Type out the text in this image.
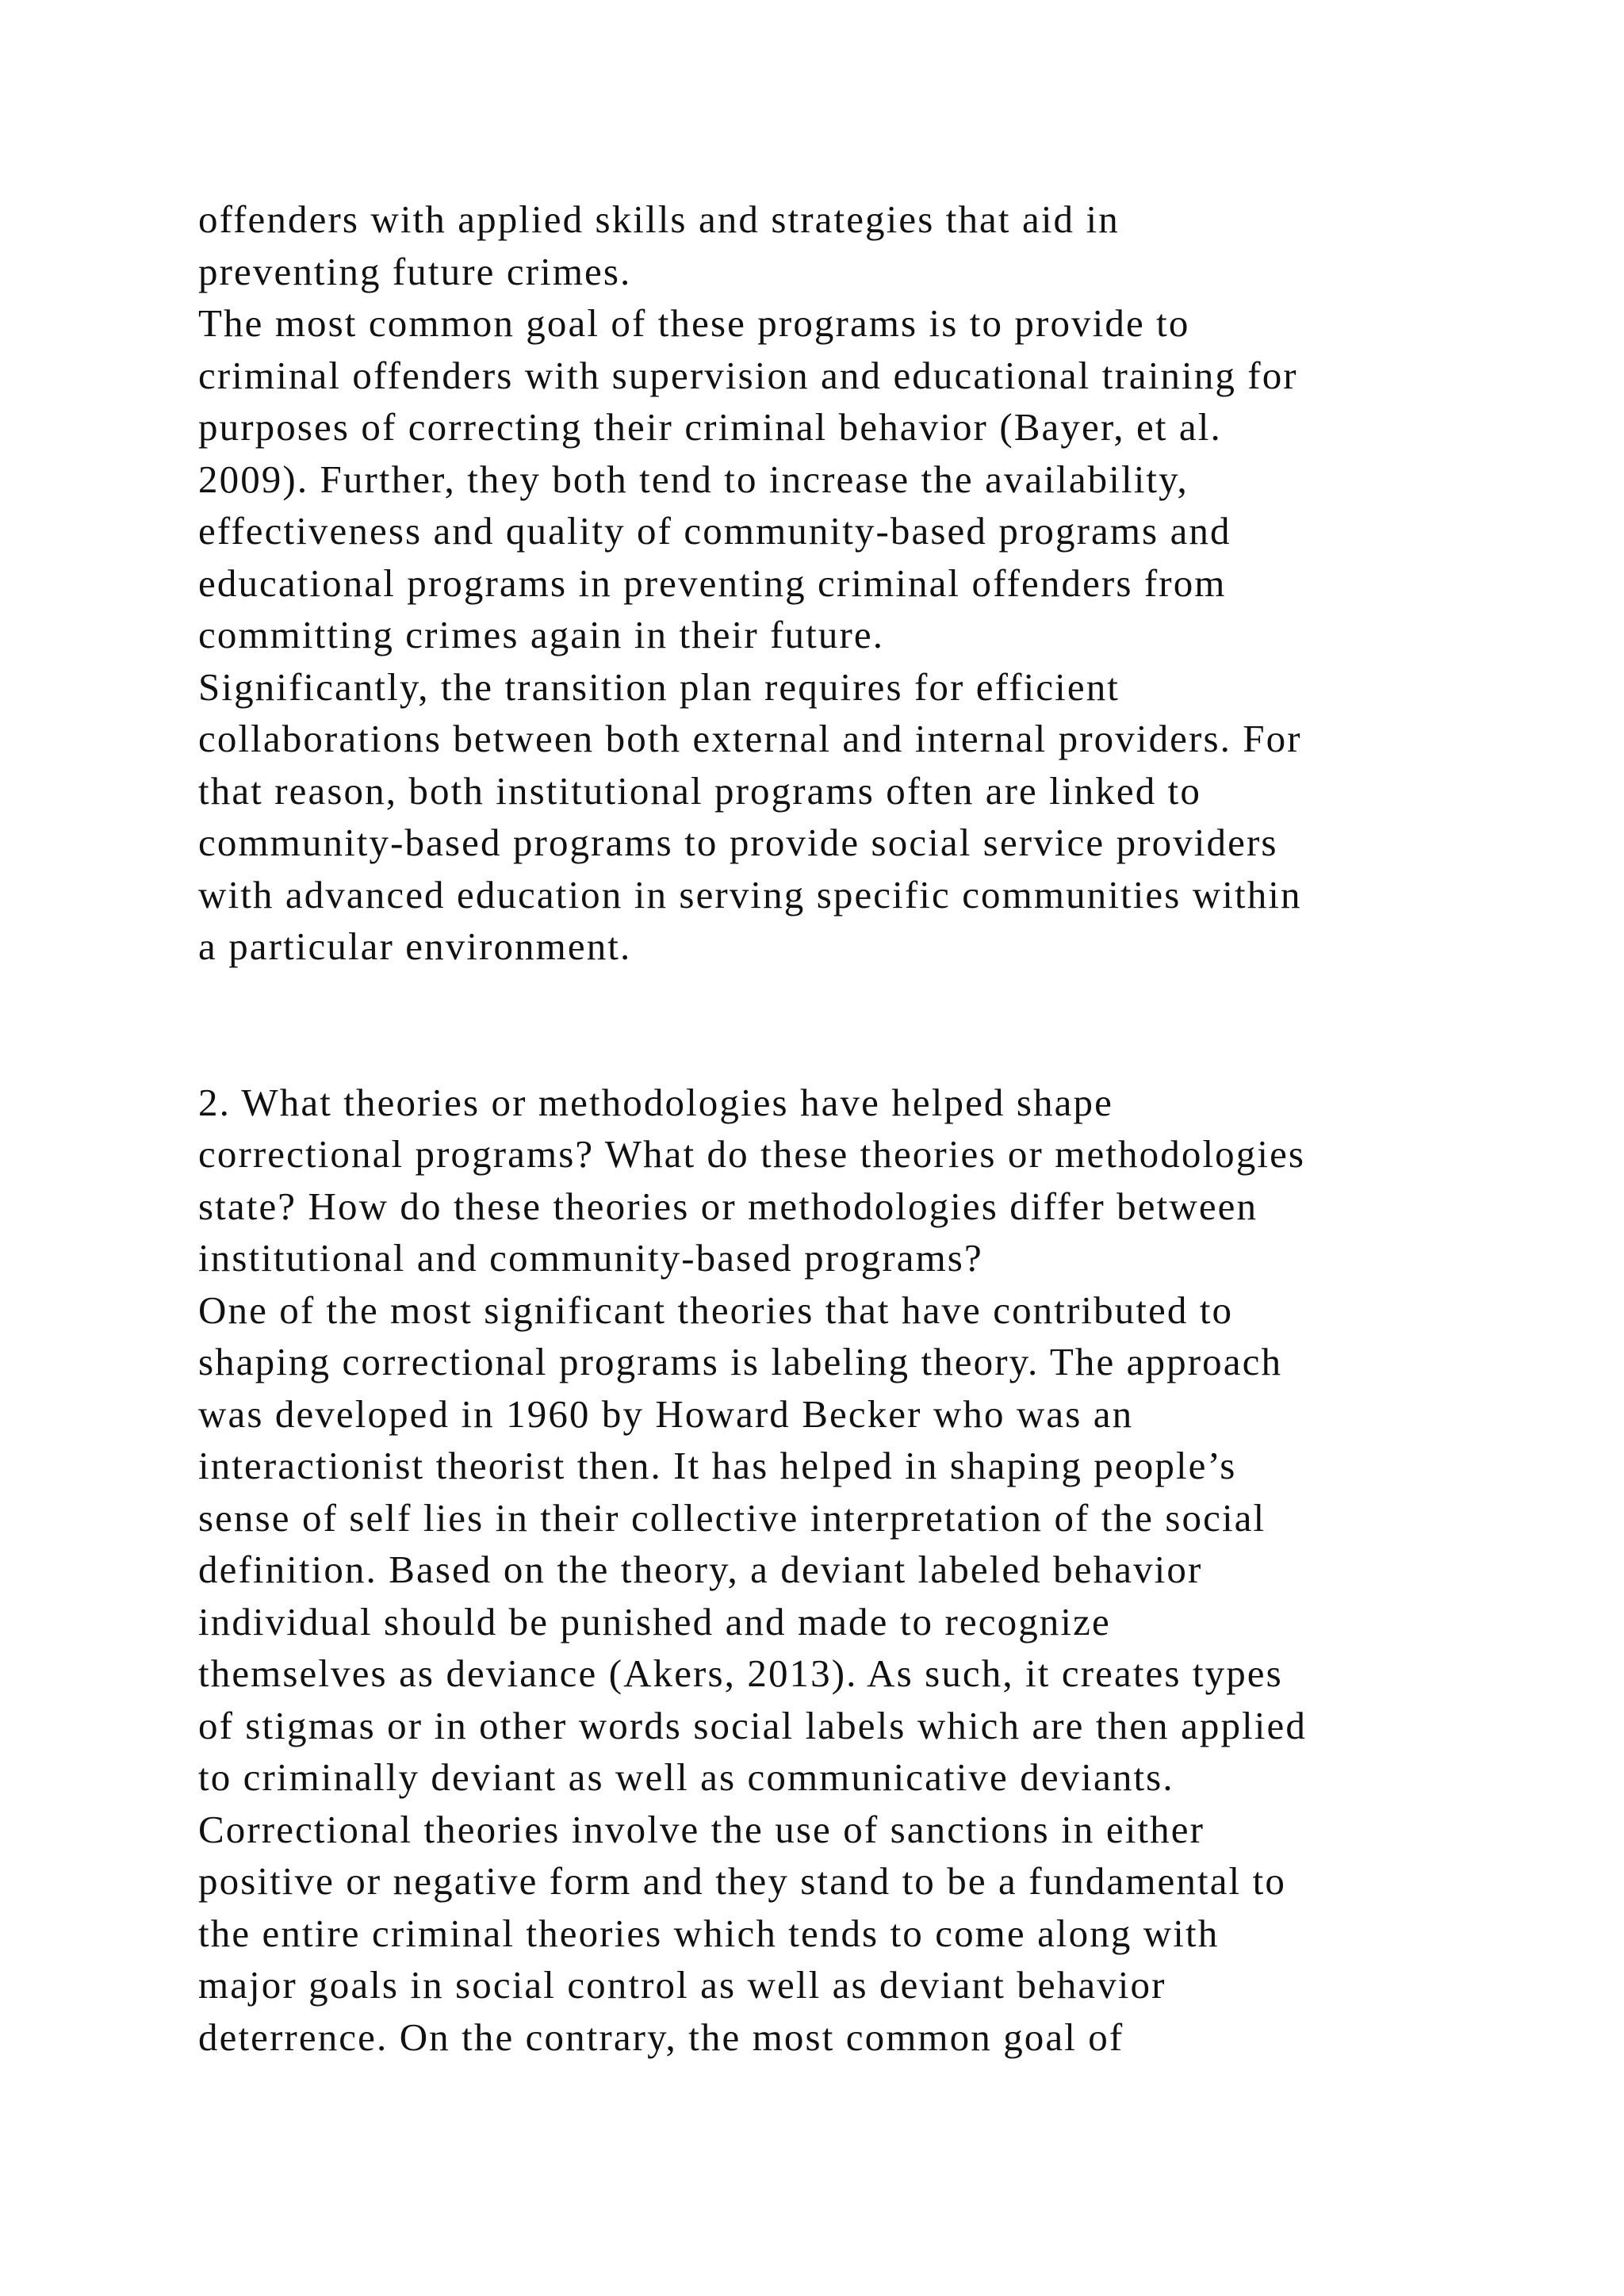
offenders with applied skills and strategies that aid in
preventing future crimes.
The most common goal of these programs is to provide to
criminal offenders with supervision and educational training for
purposes of correcting their criminal behavior (Bayer, et al.
2009). Further, they both tend to increase the availability,
effectiveness and quality of community-based programs and
educational programs in preventing criminal offenders from
committing crimes again in their future.
Significantly, the transition plan requires for efficient
collaborations between both external and internal providers. For
that reason, both institutional programs often are linked to
community-based programs to provide social service providers
with advanced education in serving specific communities within
a particular environment.
2. What theories or methodologies have helped shape
correctional programs? What do these theories or methodologies
state? How do these theories or methodologies differ between
institutional and community-based programs?
One of the most significant theories that have contributed to
shaping correctional programs is labeling theory. The approach
was developed in 1960 by Howard Becker who was an
interactionist theorist then. It has helped in shaping people’s
sense of self lies in their collective interpretation of the social
definition. Based on the theory, a deviant labeled behavior
individual should be punished and made to recognize
themselves as deviance (Akers, 2013). As such, it creates types
of stigmas or in other words social labels which are then applied
to criminally deviant as well as communicative deviants.
Correctional theories involve the use of sanctions in either
positive or negative form and they stand to be a fundamental to
the entire criminal theories which tends to come along with
major goals in social control as well as deviant behavior
deterrence. On the contrary, the most common goal of
